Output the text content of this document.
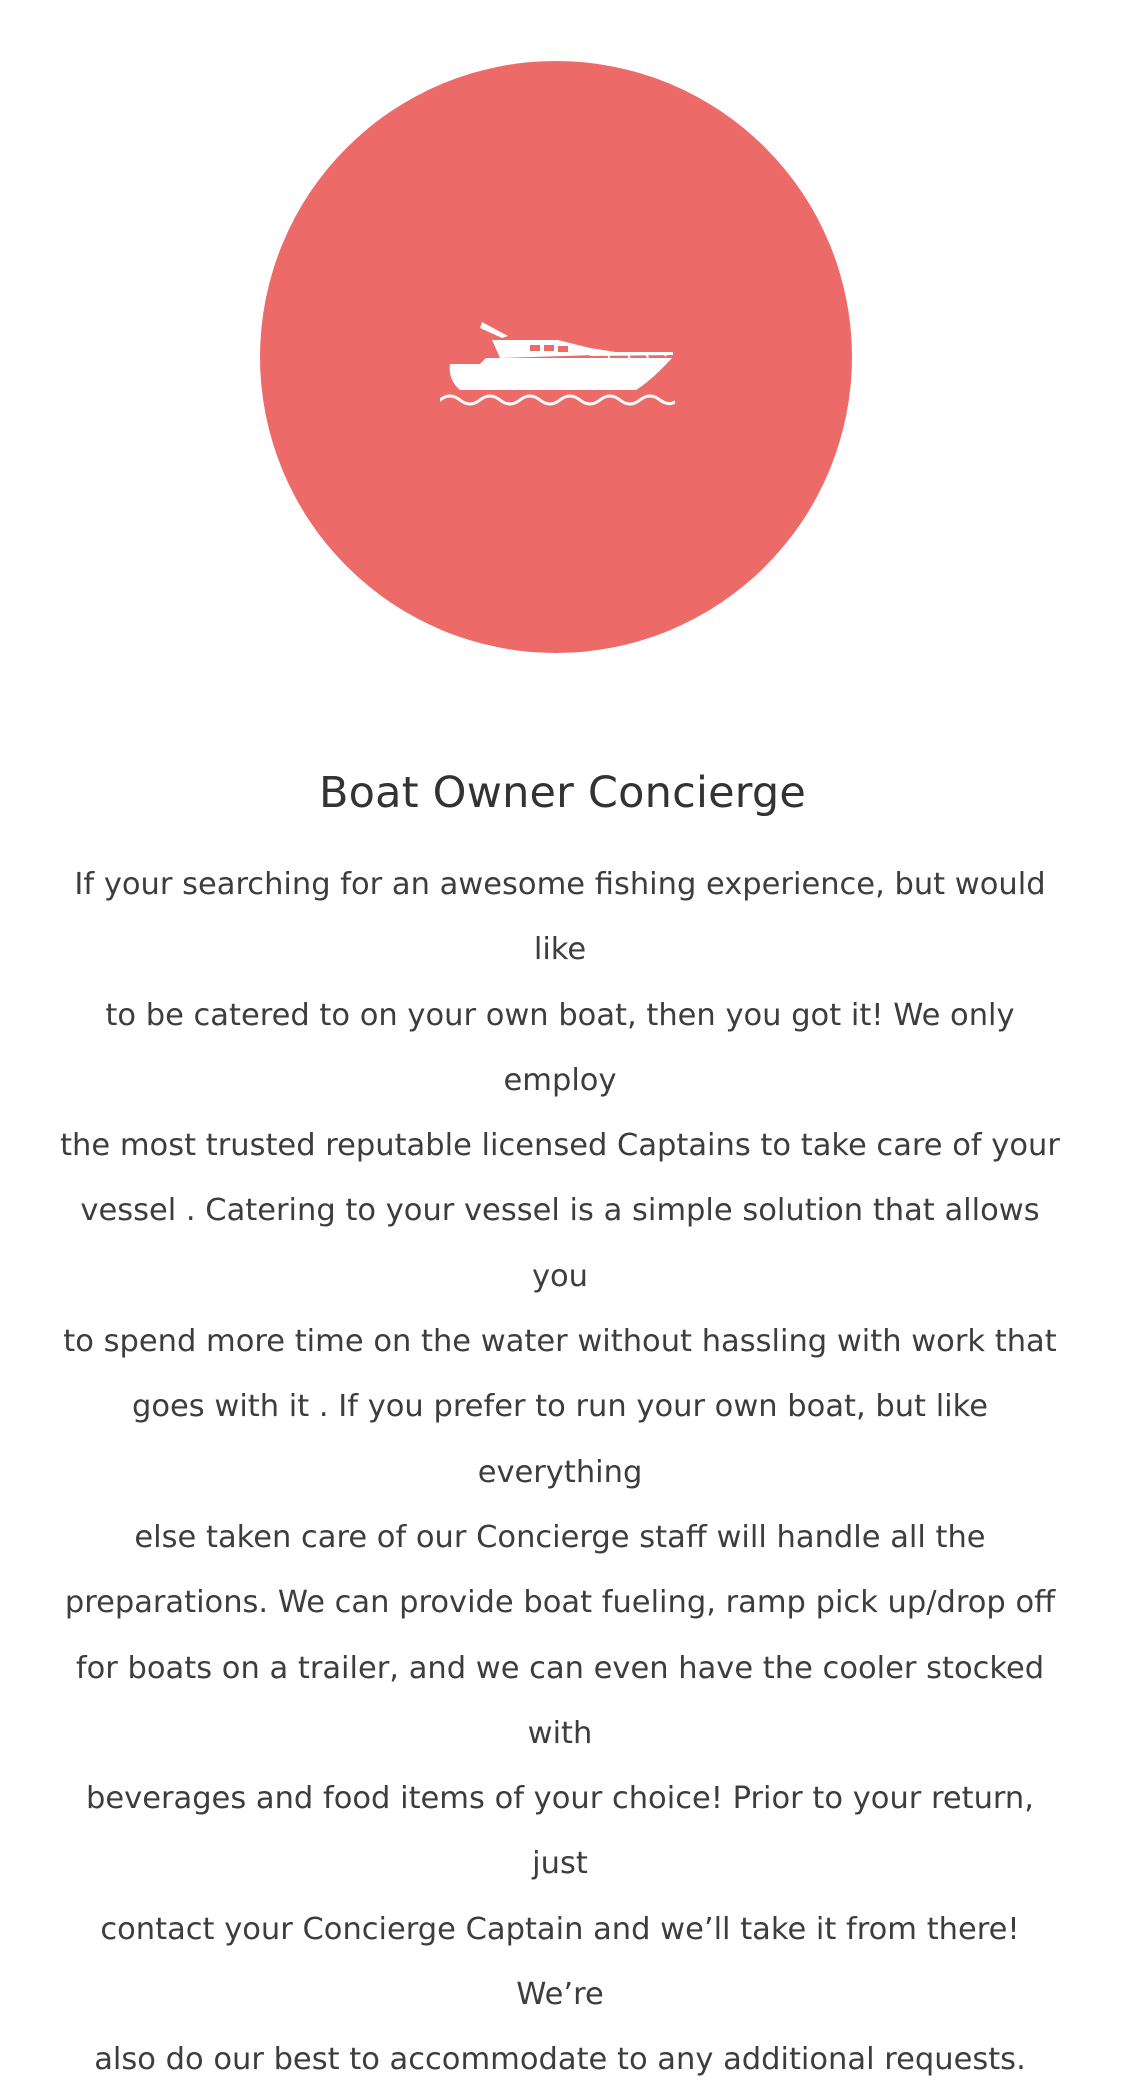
Boat Owner Concierge

If your searching for an awesome fishing experience, but would like
to be catered to on your own boat, then you got it! We only employ
the most trusted reputable licensed Captains to take care of your
vessel . Catering to your vessel is a simple solution that allows you
to spend more time on the water without hassling with work that
goes with it . If you prefer to run your own boat, but like everything
else taken care of our Concierge staff will handle all the
preparations. We can provide boat fueling, ramp pick up/drop off
for boats on a trailer, and we can even have the cooler stocked with
beverages and food items of your choice! Prior to your return, just
contact your Concierge Captain and we’ll take it from there! We’re
also do our best to accommodate to any additional requests.
